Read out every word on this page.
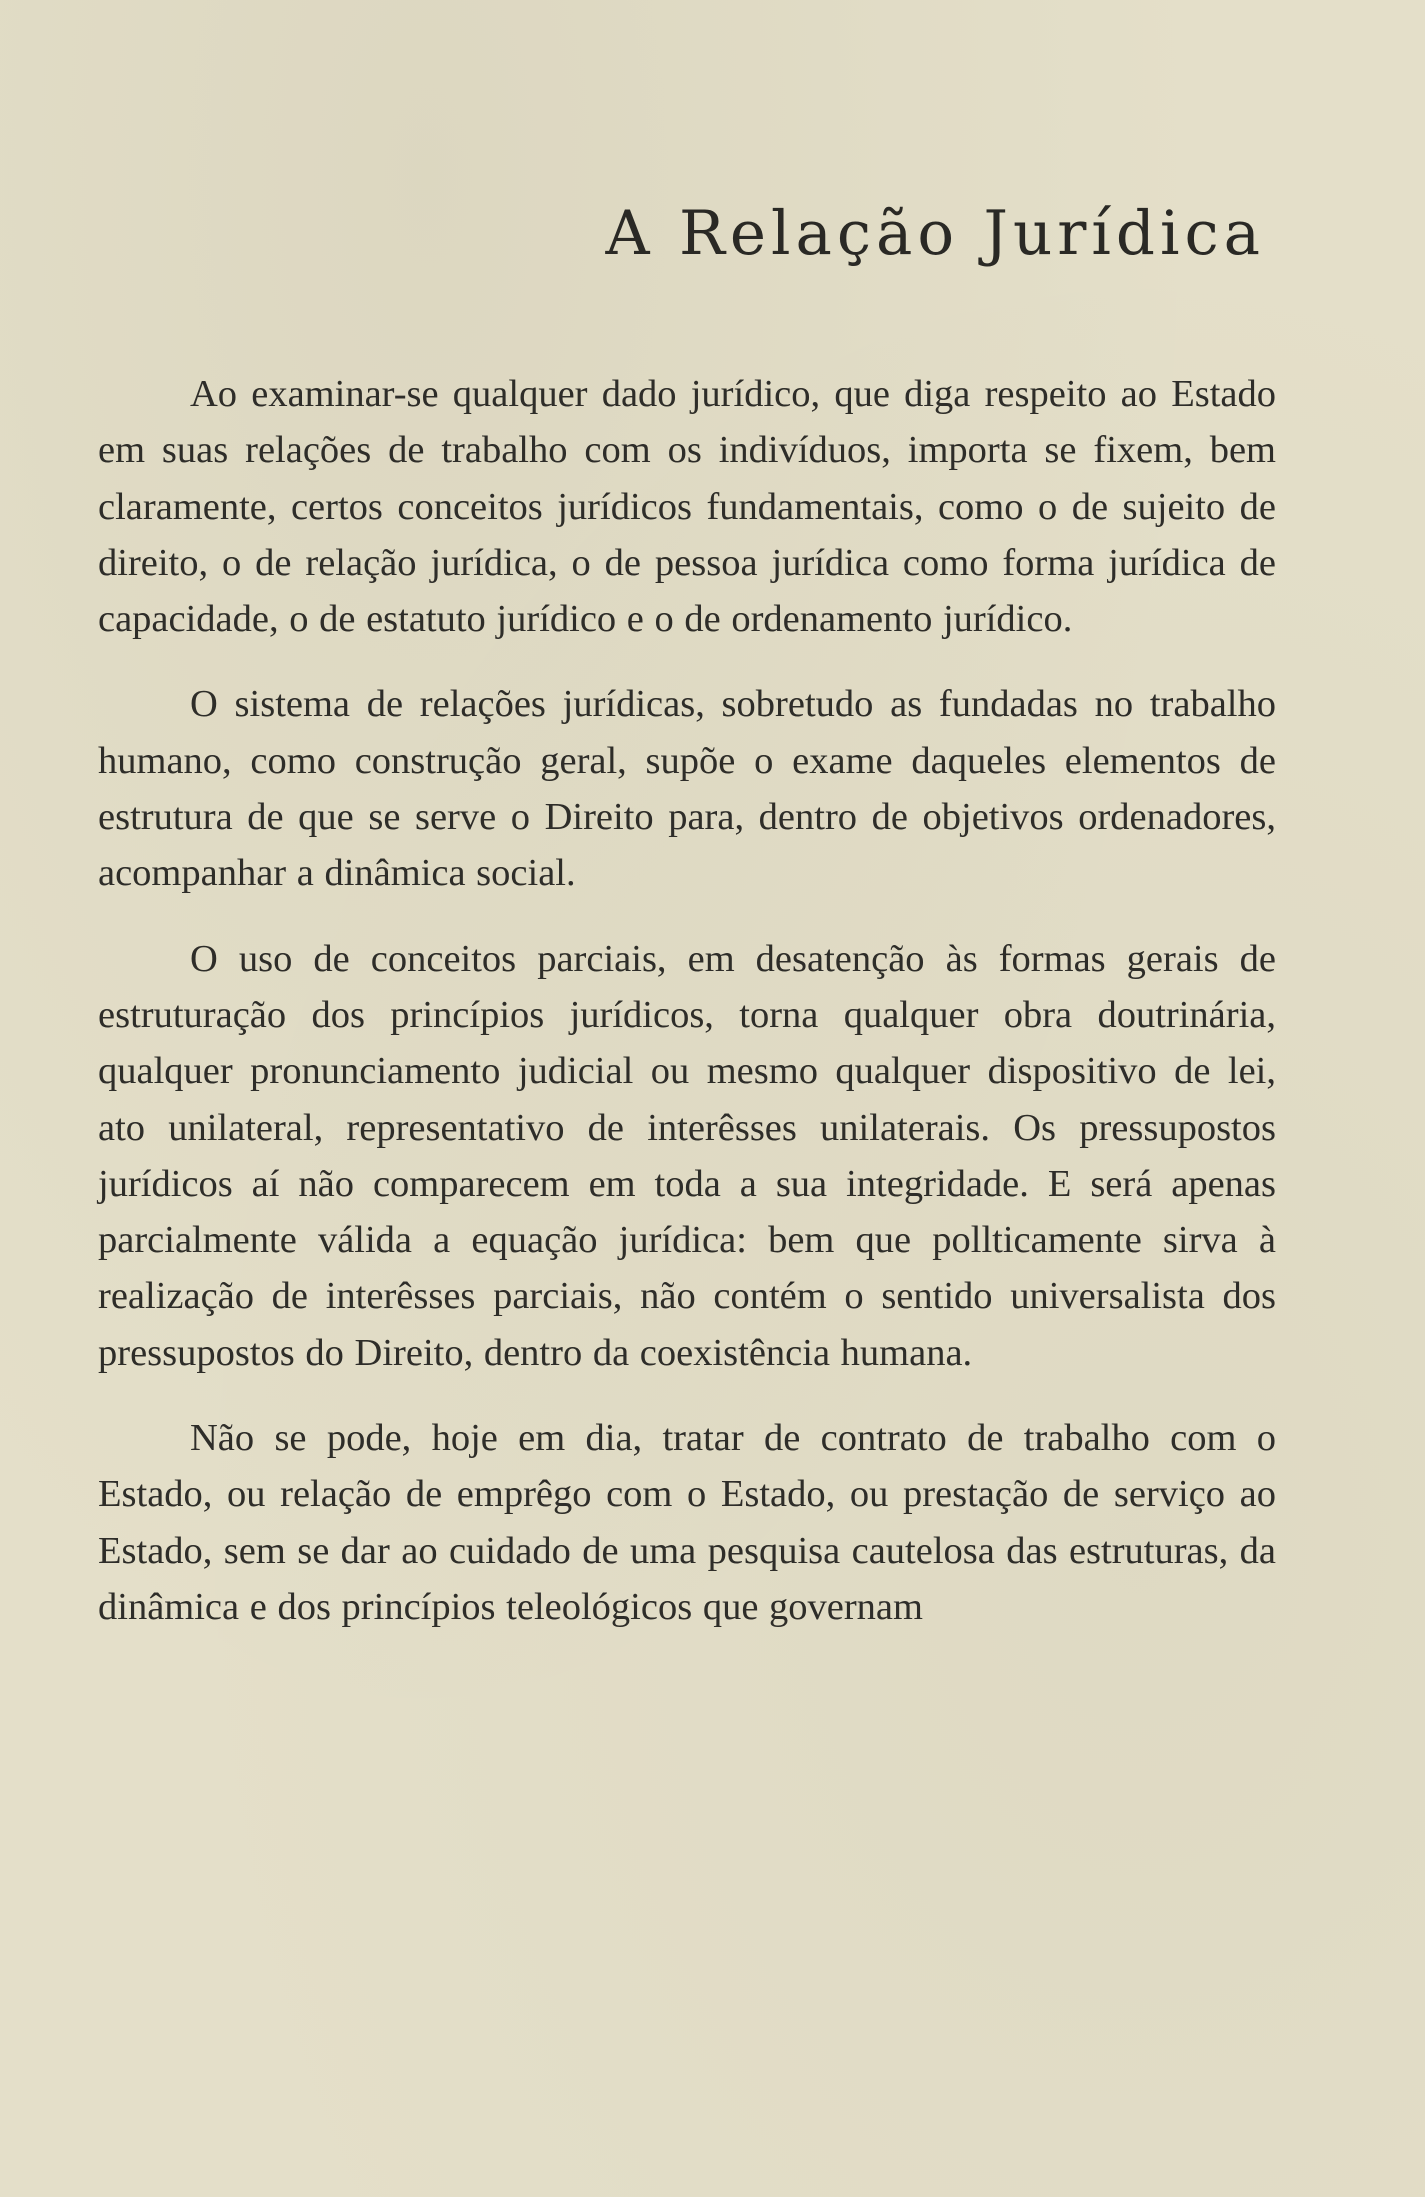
A Relação Jurídica

Ao examinar-se qualquer dado jurídico, que diga respeito ao Estado em suas relações de trabalho com os indivíduos, importa se fixem, bem claramente, certos conceitos jurídicos fundamentais, como o de sujeito de direito, o de relação jurídica, o de pessoa jurídica como forma jurídica de capacidade, o de estatuto jurídico e o de ordenamento jurídico.

O sistema de relações jurídicas, sobretudo as fundadas no trabalho humano, como construção geral, supõe o exame daqueles elementos de estrutura de que se serve o Direito para, dentro de objetivos ordenadores, acompanhar a dinâmica social.

O uso de conceitos parciais, em desatenção às formas gerais de estruturação dos princípios jurídicos, torna qualquer obra doutrinária, qualquer pronunciamento judicial ou mesmo qualquer dispositivo de lei, ato unilateral, representativo de interêsses unilaterais. Os pressupostos jurídicos aí não comparecem em toda a sua integridade. E será apenas parcialmente válida a equação jurídica: bem que pollticamente sirva à realização de interêsses parciais, não contém o sentido universalista dos pressupostos do Direito, dentro da coexistência humana.

Não se pode, hoje em dia, tratar de contrato de trabalho com o Estado, ou relação de emprêgo com o Estado, ou prestação de serviço ao Estado, sem se dar ao cuidado de uma pesquisa cautelosa das estruturas, da dinâmica e dos princípios teleológicos que governam
